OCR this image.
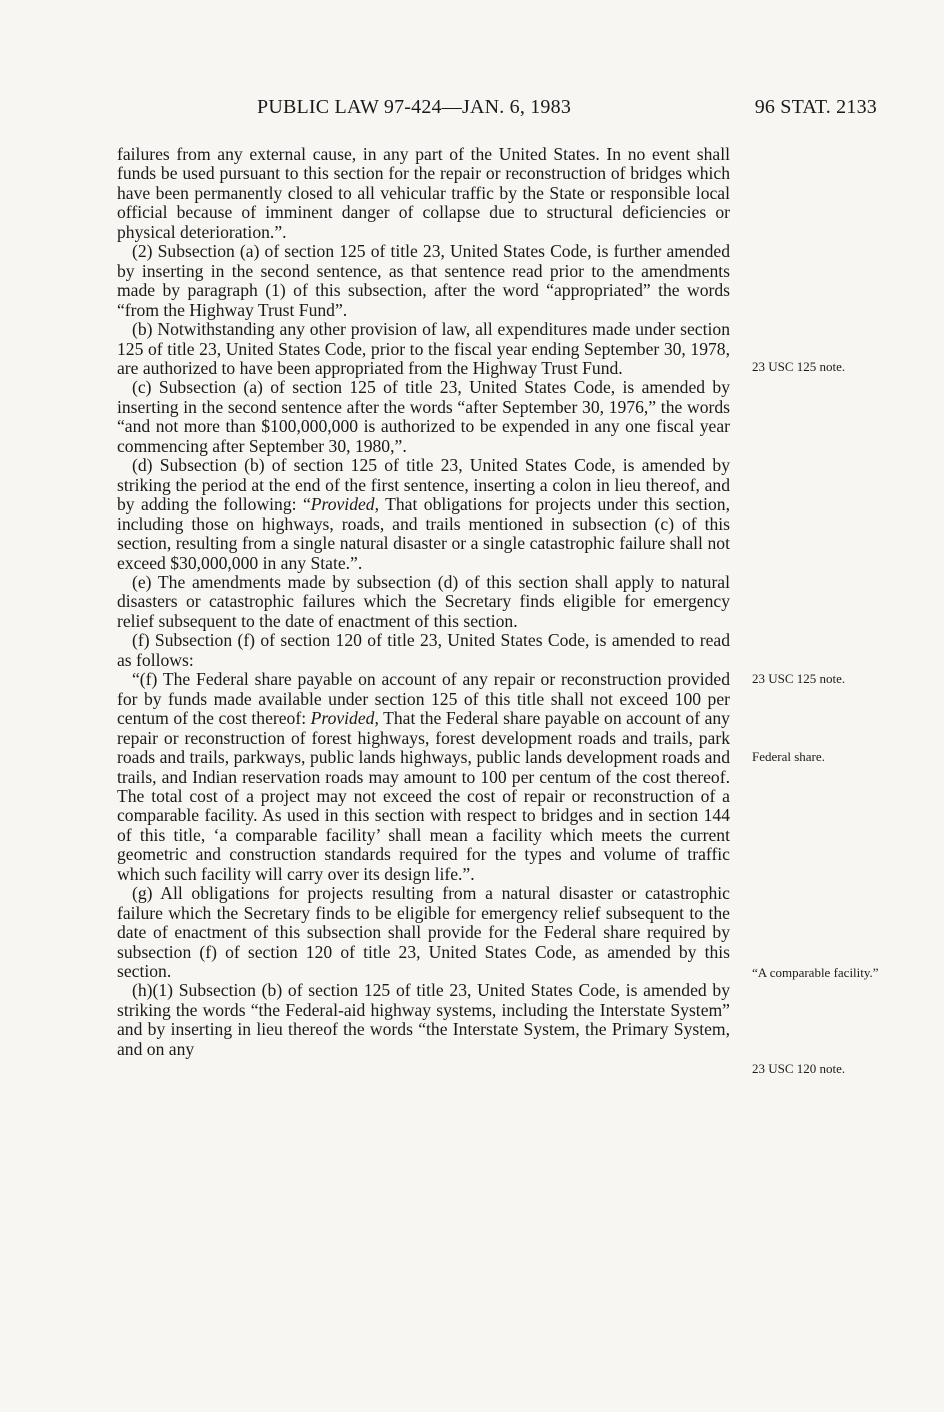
PUBLIC LAW 97-424—JAN. 6, 1983	96 STAT. 2133

failures from any external cause, in any part of the United States. In no event shall funds be used pursuant to this section for the repair or reconstruction of bridges which have been permanently closed to all vehicular traffic by the State or responsible local official because of imminent danger of collapse due to structural deficiencies or physical deterioration.”.

(2) Subsection (a) of section 125 of title 23, United States Code, is further amended by inserting in the second sentence, as that sentence read prior to the amendments made by paragraph (1) of this subsection, after the word “appropriated” the words “from the Highway Trust Fund”.

(b) Notwithstanding any other provision of law, all expenditures made under section 125 of title 23, United States Code, prior to the fiscal year ending September 30, 1978, are authorized to have been appropriated from the Highway Trust Fund.

(c) Subsection (a) of section 125 of title 23, United States Code, is amended by inserting in the second sentence after the words “after September 30, 1976,” the words “and not more than $100,000,000 is authorized to be expended in any one fiscal year commencing after September 30, 1980,”.

(d) Subsection (b) of section 125 of title 23, United States Code, is amended by striking the period at the end of the first sentence, inserting a colon in lieu thereof, and by adding the following: “Provided, That obligations for projects under this section, including those on highways, roads, and trails mentioned in subsection (c) of this section, resulting from a single natural disaster or a single catastrophic failure shall not exceed $30,000,000 in any State.”.

(e) The amendments made by subsection (d) of this section shall apply to natural disasters or catastrophic failures which the Secretary finds eligible for emergency relief subsequent to the date of enactment of this section.

(f) Subsection (f) of section 120 of title 23, United States Code, is amended to read as follows:

“(f) The Federal share payable on account of any repair or reconstruction provided for by funds made available under section 125 of this title shall not exceed 100 per centum of the cost thereof: Provided, That the Federal share payable on account of any repair or reconstruction of forest highways, forest development roads and trails, park roads and trails, parkways, public lands highways, public lands development roads and trails, and Indian reservation roads may amount to 100 per centum of the cost thereof. The total cost of a project may not exceed the cost of repair or reconstruction of a comparable facility. As used in this section with respect to bridges and in section 144 of this title, ‘a comparable facility’ shall mean a facility which meets the current geometric and construction standards required for the types and volume of traffic which such facility will carry over its design life.”.

(g) All obligations for projects resulting from a natural disaster or catastrophic failure which the Secretary finds to be eligible for emergency relief subsequent to the date of enactment of this subsection shall provide for the Federal share required by subsection (f) of section 120 of title 23, United States Code, as amended by this section.

(h)(1) Subsection (b) of section 125 of title 23, United States Code, is amended by striking the words “the Federal-aid highway systems, including the Interstate System” and by inserting in lieu thereof the words “the Interstate System, the Primary System, and on any

23 USC 125 note.
23 USC 125 note.
Federal share.
“A comparable facility.”
23 USC 120 note.
